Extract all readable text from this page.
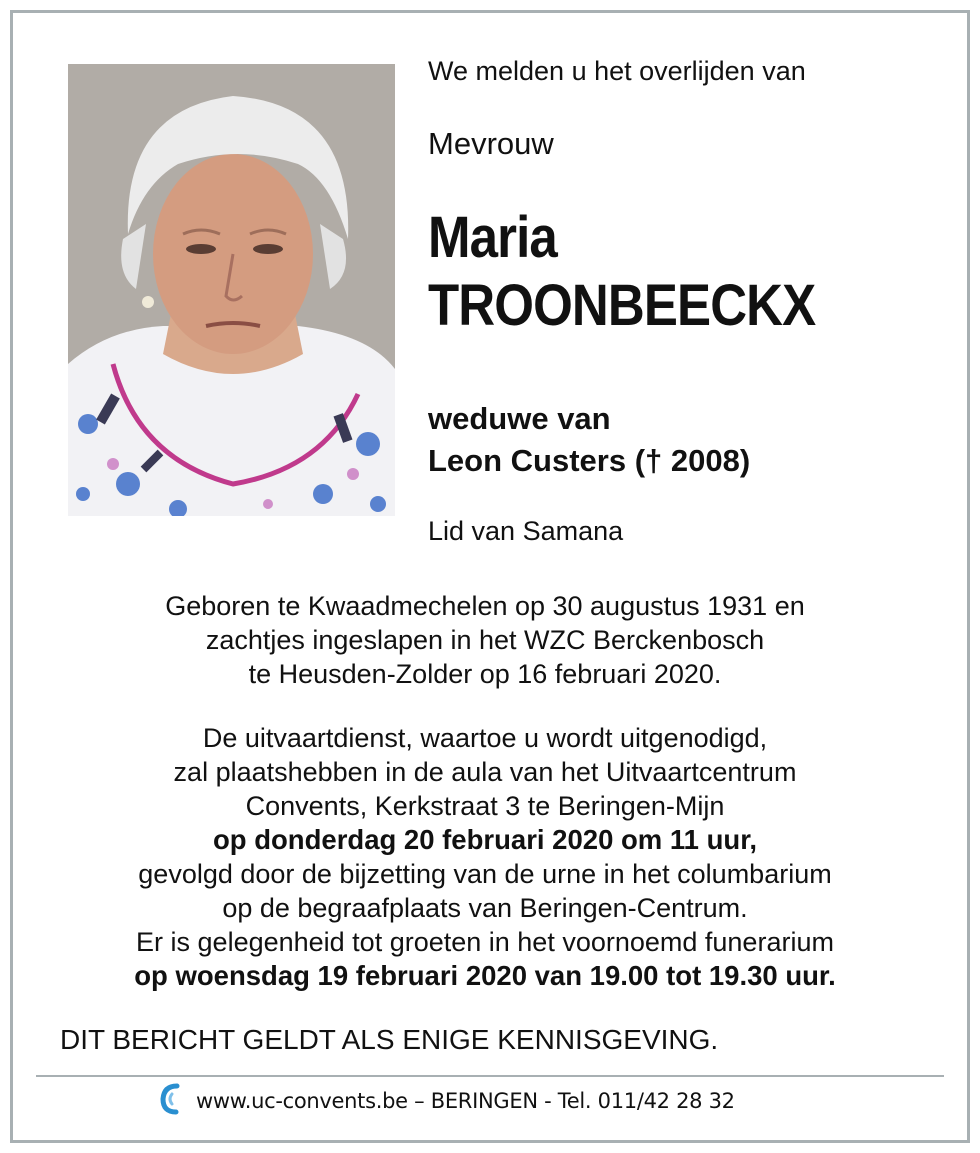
We melden u het overlijden van
Mevrouw
Maria
TROONBEECKX
weduwe van
Leon Custers († 2008)
Lid van Samana
Geboren te Kwaadmechelen op 30 augustus 1931 en
zachtjes ingeslapen in het WZC Berckenbosch
te Heusden-Zolder op 16 februari 2020.
De uitvaartdienst, waartoe u wordt uitgenodigd,
zal plaatshebben in de aula van het Uitvaartcentrum
Convents, Kerkstraat 3 te Beringen-Mijn
op donderdag 20 februari 2020 om 11 uur,
gevolgd door de bijzetting van de urne in het columbarium
op de begraafplaats van Beringen-Centrum.
Er is gelegenheid tot groeten in het voornoemd funerarium
op woensdag 19 februari 2020 van 19.00 tot 19.30 uur.
DIT BERICHT GELDT ALS ENIGE KENNISGEVING.
www.uc-convents.be – BERINGEN - Tel. 011/42 28 32
